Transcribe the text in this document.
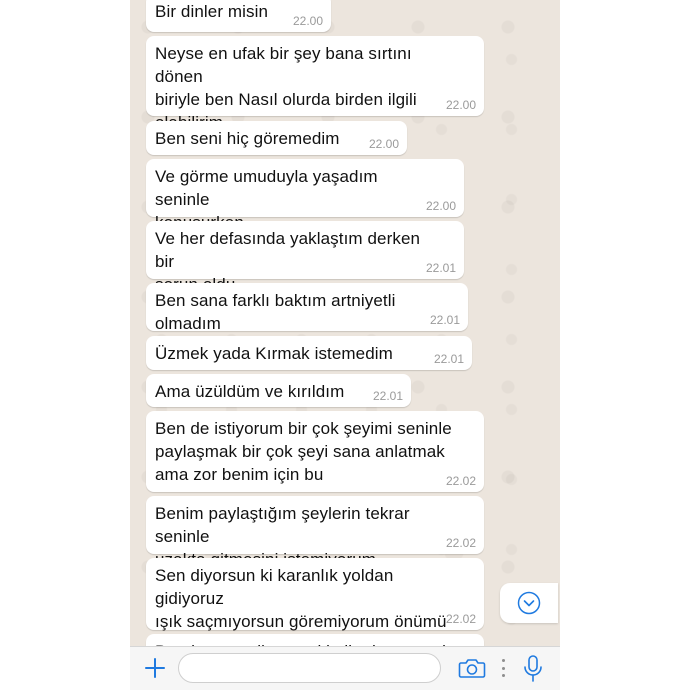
Bir dinler misin	22.00
Neyse en ufak bir şey bana sırtını dönen
biriyle ben Nasıl olurda birden ilgili	22.00
Ben seni hiç göremedim	22.00
Ve görme umuduyla yaşadım seninle	22.00
Ve her defasında yaklaştım derken bir	22.01
Ben sana farklı baktım artniyetli olmadım	22.01
Üzmek yada Kırmak istemedim	22.01
Ama üzüldüm ve kırıldım	22.01
Ben de istiyorum bir çok şeyimi seninle
paylaşmak bir çok şeyi sana anlatmak
ama zor benim için bu	22.02
Benim paylaştığım şeylerin tekrar seninle	22.02
Sen diyorsun ki karanlık yoldan gidiyoruz
ışık saçmıyorsun göremiyorum önümü 22.02
